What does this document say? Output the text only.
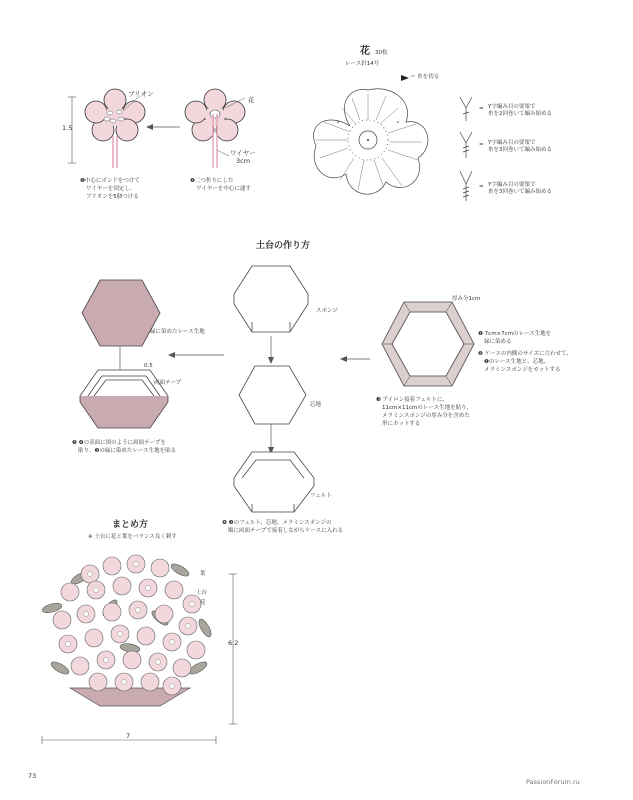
1.5
ブリオン
花
ワイヤー
3cm
❶中心にボンドをつけて
ワイヤーを固定し、
ブリオンを5個つける
❶二つ折りにした
ワイヤーを中心に通す
花 30枚
レース針14号
＝ 糸を切る
= Y字編み目の要領で
糸を2回巻いて編み始める
= Y字編み目の要領で
糸を3回巻いて編み始める
= Y字編み目の要領で
糸を3回巻いて編み始める
土台の作り方
スポンジ
芯地
フェルト
緑に染めたレース生地
0.5
両面テープ
❺ ❹の表面に図のように両面テープを
貼り、❷の緑に染めたレース生地を貼る
厚み分1cm
❶ 7cm×7cmのレース生地を
緑に染める
❷ ケースの内側のサイズに合わせて、
❶のレース生地と、芯地、
メラミンスポンジをカットする
❸ アイロン接着フェルトに、
11cm×11cmのレース生地を貼り、
メラミンスポンジの厚み分を含めた
形にカットする
❹ ❸のフェルト、芯地、メラミンスポンジの
順に両面テープで接着しながらケースに入れる
まとめ方
※ 土台に花と葉をバランス良く刺す
葉
土台
花
6.2
7
73
PassionForum.ru
